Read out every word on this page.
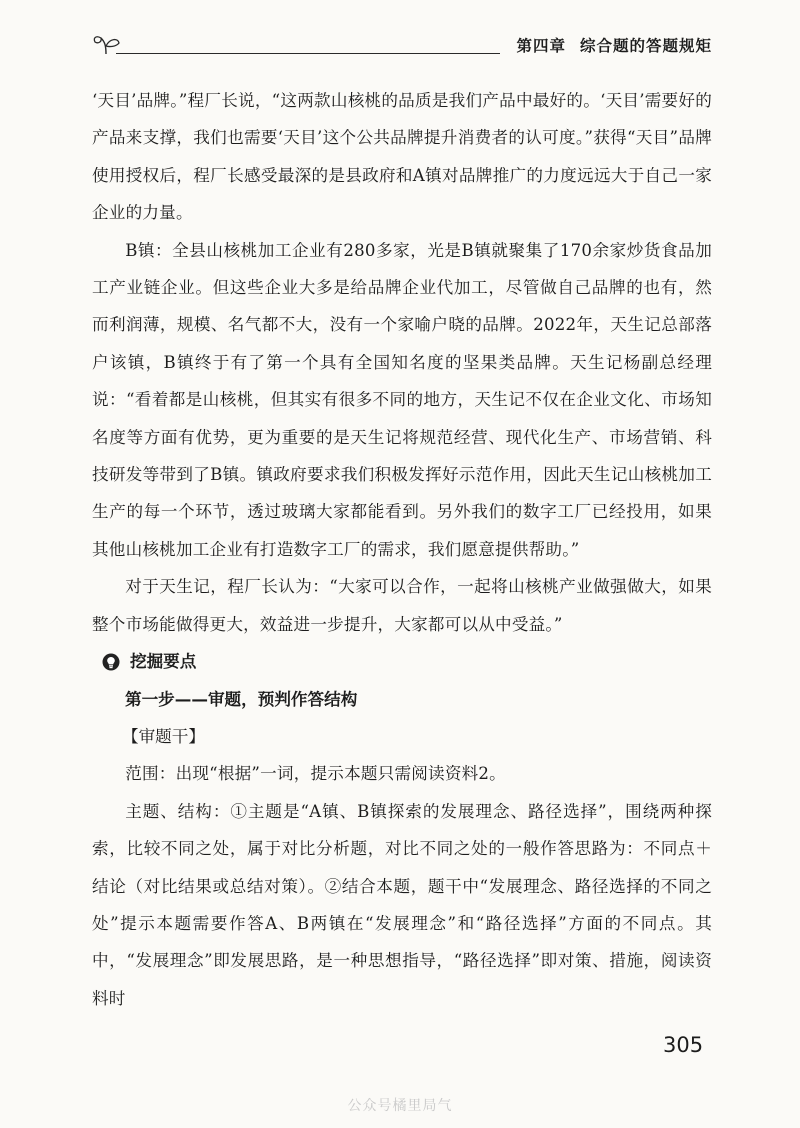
第四章 综合题的答题规矩

‘天目’品牌。”程厂长说，“这两款山核桃的品质是我们产品中最好的。‘天目’需要好的产品来支撑，我们也需要‘天目’这个公共品牌提升消费者的认可度。”获得“天目”品牌使用授权后，程厂长感受最深的是县政府和A镇对品牌推广的力度远远大于自己一家企业的力量。

B镇：全县山核桃加工企业有280多家，光是B镇就聚集了170余家炒货食品加工产业链企业。但这些企业大多是给品牌企业代加工，尽管做自己品牌的也有，然而利润薄，规模、名气都不大，没有一个家喻户晓的品牌。2022年，天生记总部落户该镇，B镇终于有了第一个具有全国知名度的坚果类品牌。天生记杨副总经理说：“看着都是山核桃，但其实有很多不同的地方，天生记不仅在企业文化、市场知名度等方面有优势，更为重要的是天生记将规范经营、现代化生产、市场营销、科技研发等带到了B镇。镇政府要求我们积极发挥好示范作用，因此天生记山核桃加工生产的每一个环节，透过玻璃大家都能看到。另外我们的数字工厂已经投用，如果其他山核桃加工企业有打造数字工厂的需求，我们愿意提供帮助。”

对于天生记，程厂长认为：“大家可以合作，一起将山核桃产业做强做大，如果整个市场能做得更大，效益进一步提升，大家都可以从中受益。”

挖掘要点

第一步——审题，预判作答结构

【审题干】

范围：出现“根据”一词，提示本题只需阅读资料2。

主题、结构：①主题是“A镇、B镇探索的发展理念、路径选择”，围绕两种探索，比较不同之处，属于对比分析题，对比不同之处的一般作答思路为：不同点＋结论（对比结果或总结对策）。②结合本题，题干中“发展理念、路径选择的不同之处”提示本题需要作答A、B两镇在“发展理念”和“路径选择”方面的不同点。其中，“发展理念”即发展思路，是一种思想指导，“路径选择”即对策、措施，阅读资料时

305
公众号橘里局气
